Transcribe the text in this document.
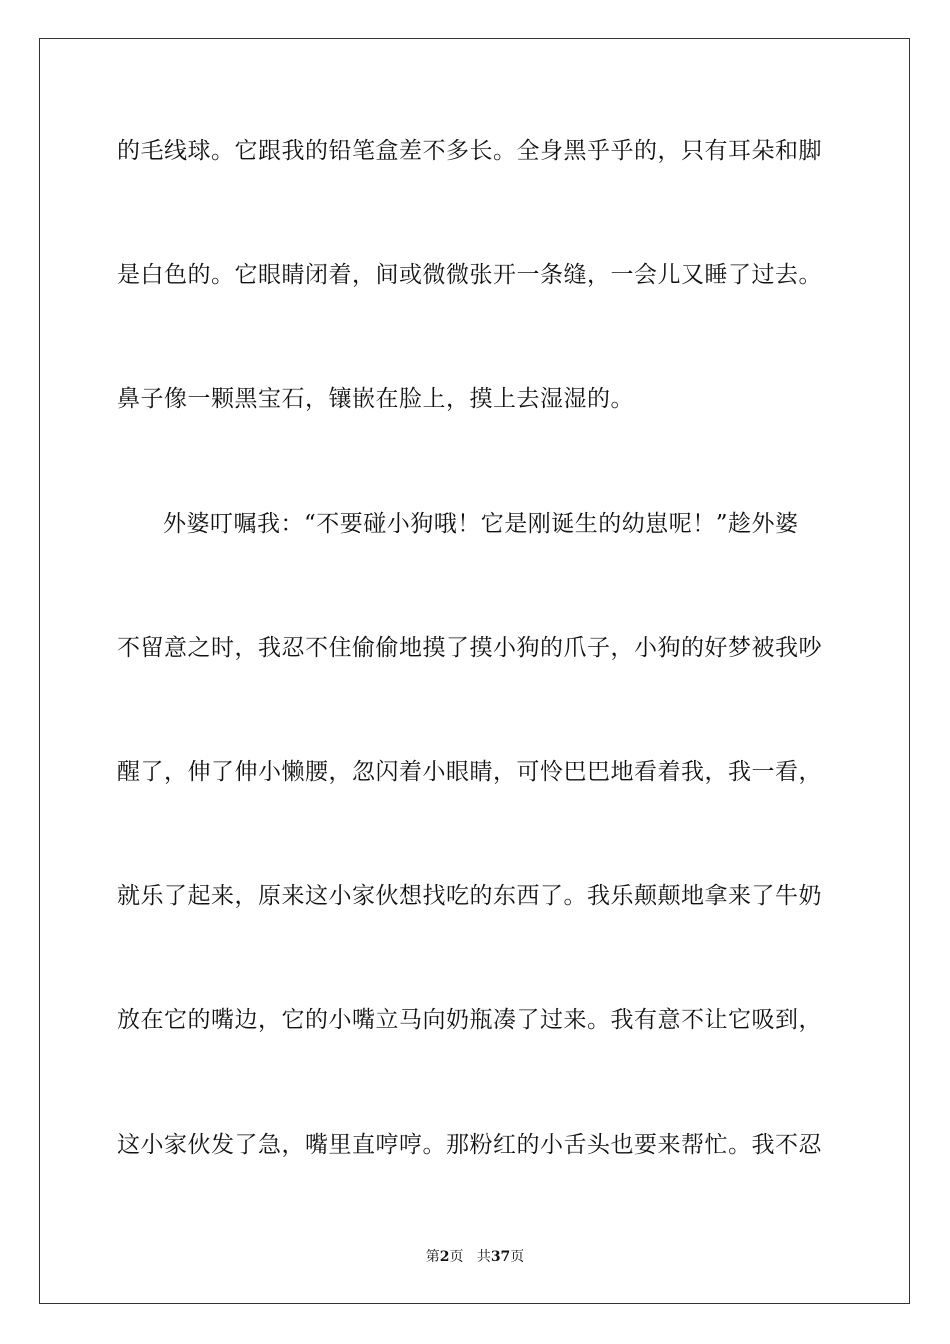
的毛线球。它跟我的铅笔盒差不多长。全身黑乎乎的，只有耳朵和脚
是白色的。它眼睛闭着，间或微微张开一条缝，一会儿又睡了过去。
鼻子像一颗黑宝石，镶嵌在脸上，摸上去湿湿的。
外婆叮嘱我：“不要碰小狗哦！它是刚诞生的幼崽呢！”趁外婆
不留意之时，我忍不住偷偷地摸了摸小狗的爪子，小狗的好梦被我吵
醒了，伸了伸小懒腰，忽闪着小眼睛，可怜巴巴地看着我，我一看，
就乐了起来，原来这小家伙想找吃的东西了。我乐颠颠地拿来了牛奶
放在它的嘴边，它的小嘴立马向奶瓶凑了过来。我有意不让它吸到，
这小家伙发了急，嘴里直哼哼。那粉红的小舌头也要来帮忙。我不忍
第2页 共37页
